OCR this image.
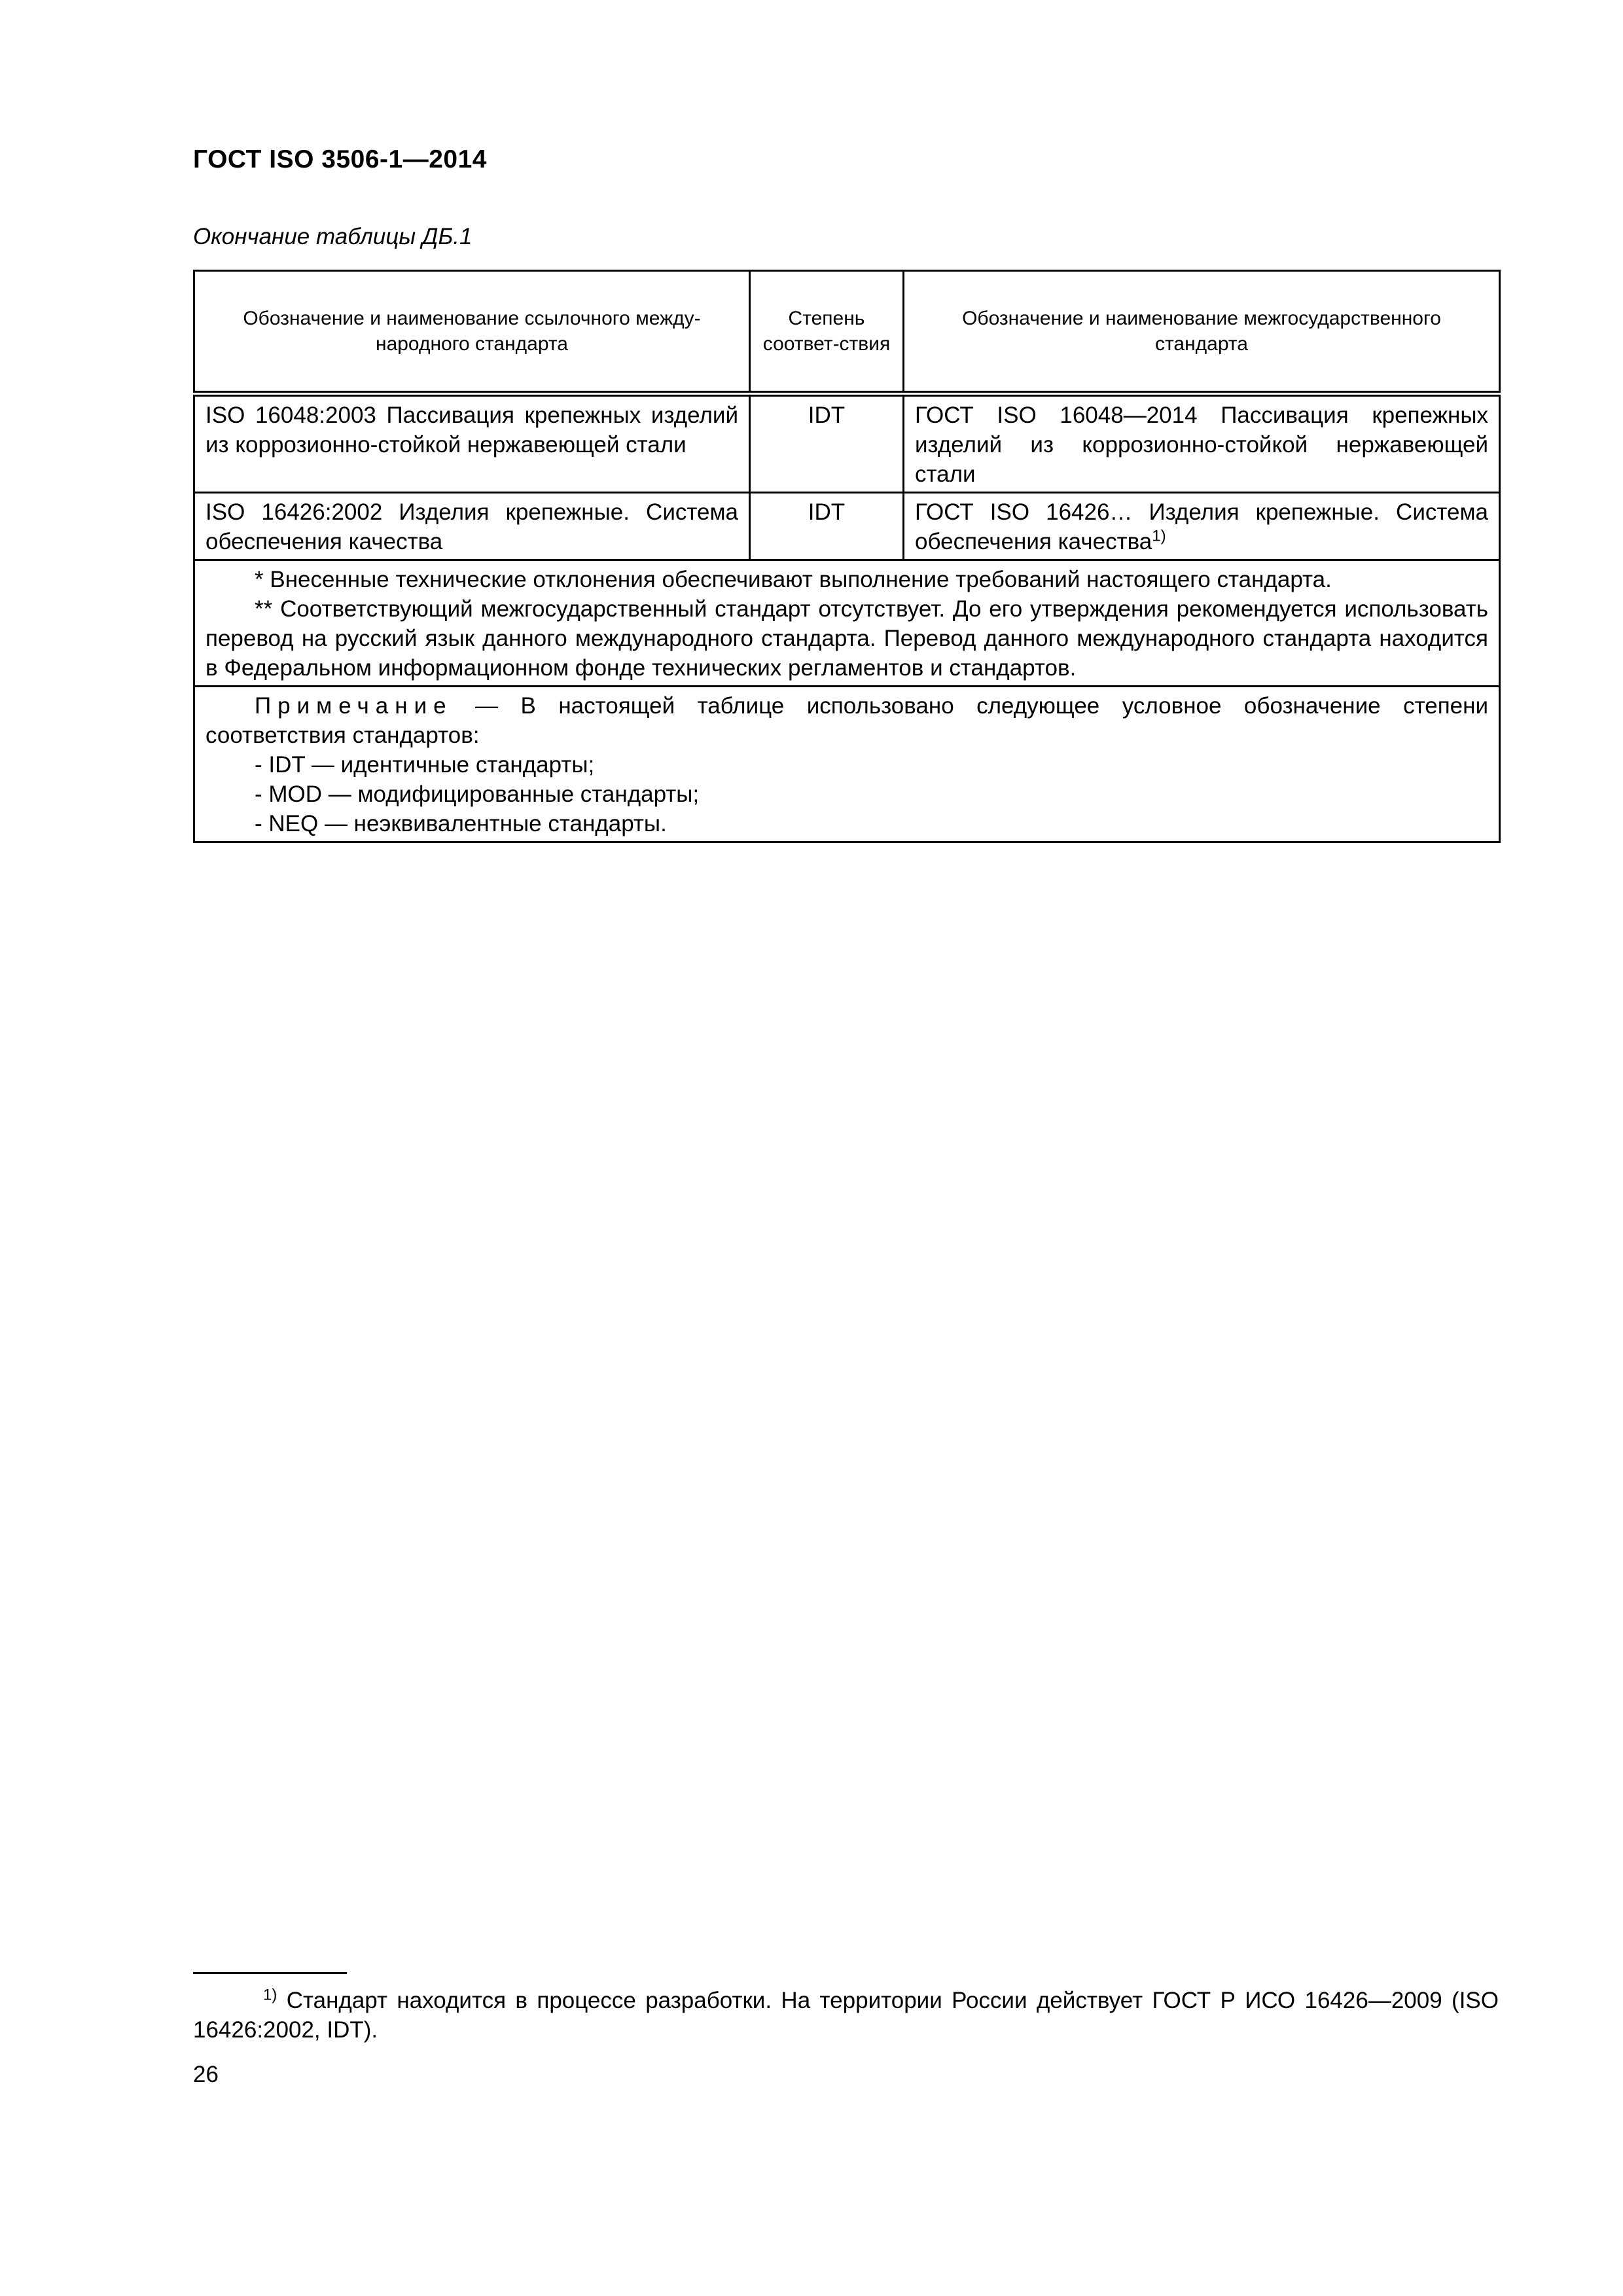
ГОСТ ISO 3506-1—2014
Окончание таблицы ДБ.1
Обозначение и наименование ссылочного между-народного стандарта	Степень соответ-ствия	Обозначение и наименование межгосударственного стандарта
ISO 16048:2003 Пассивация крепежных изделий из коррозионно-стойкой нержавеющей стали	IDT	ГОСТ ISO 16048—2014 Пассивация крепежных изделий из коррозионно-стойкой нержавеющей стали
ISO 16426:2002 Изделия крепежные. Система обеспечения качества	IDT	ГОСТ ISO 16426… Изделия крепежные. Система обеспечения качества$^{1)}$

* Внесенные технические отклонения обеспечивают выполнение требований настоящего стандарта.
** Соответствующий межгосударственный стандарт отсутствует. До его утверждения рекомендуется использовать перевод на русский язык данного международного стандарта. Перевод данного международного стандарта находится в Федеральном информационном фонде технических регламентов и стандартов.		

Примечание — В настоящей таблице использовано следующее условное обозначение степени соответствия стандартов:
- IDT — идентичные стандарты;
- MOD — модифицированные стандарты;
- NEQ — неэквивалентные стандарты.		
$^{1)}$ Стандарт находится в процессе разработки. На территории России действует ГОСТ Р ИСО 16426—2009 (ISO 16426:2002, IDT).
26
